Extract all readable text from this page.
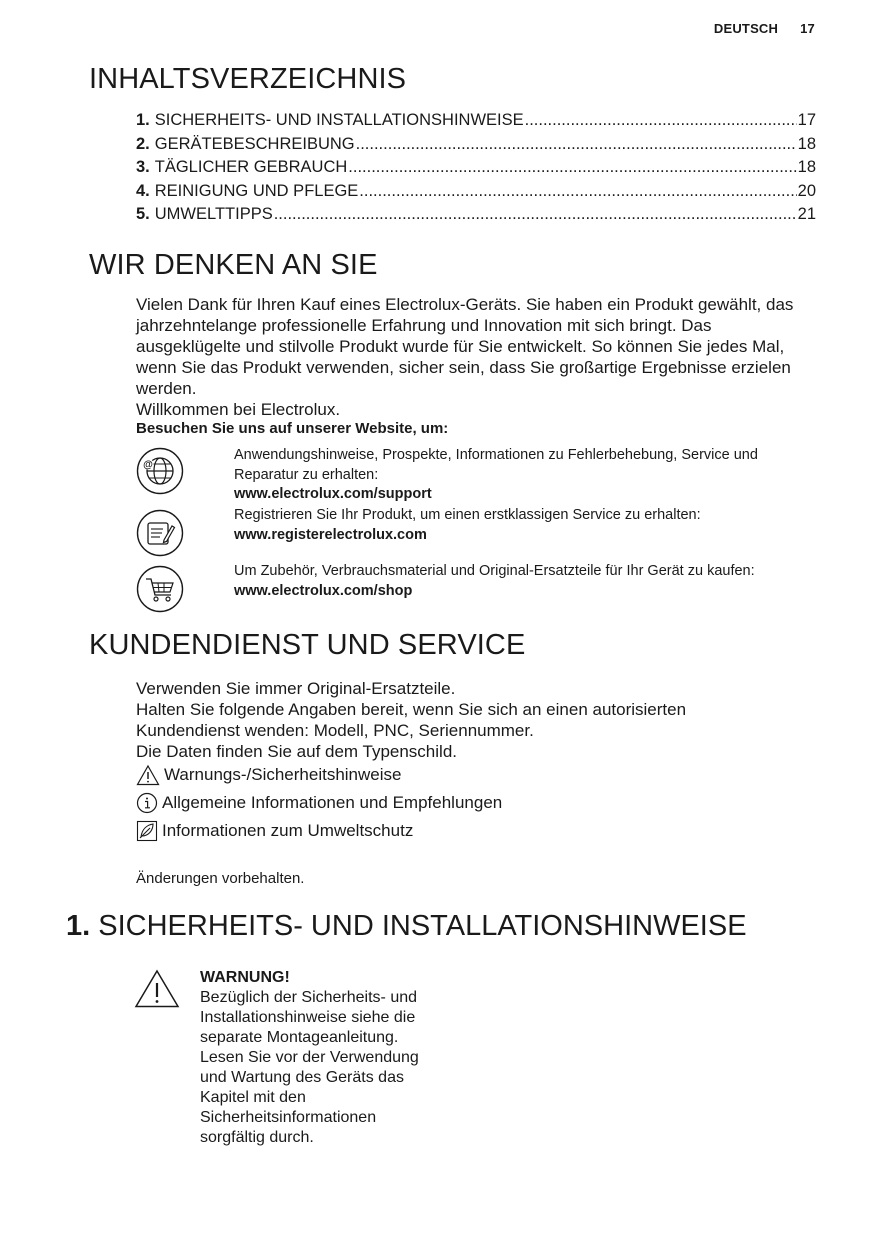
DEUTSCH 17
INHALTSVERZEICHNIS
1. SICHERHEITS- UND INSTALLATIONSHINWEISE .....	17
2. GERÄTEBESCHREIBUNG .....	18
3. TÄGLICHER GEBRAUCH .....	18
4. REINIGUNG UND PFLEGE .....	20
5. UMWELTTIPPS .....	21
WIR DENKEN AN SIE

Vielen Dank für Ihren Kauf eines Electrolux-Geräts. Sie haben ein Produkt gewählt, das jahrzehntelange professionelle Erfahrung und Innovation mit sich bringt. Das ausgeklügelte und stilvolle Produkt wurde für Sie entwickelt. So können Sie jedes Mal, wenn Sie das Produkt verwenden, sicher sein, dass Sie großartige Ergebnisse erzielen werden.

Willkommen bei Electrolux.

Besuchen Sie uns auf unserer Website, um:
@
Anwendungshinweise, Prospekte, Informationen zu Fehlerbehebung, Service und Reparatur zu erhalten:
www.electrolux.com/support
Registrieren Sie Ihr Produkt, um einen erstklassigen Service zu erhalten:
www.registerelectrolux.com
Um Zubehör, Verbrauchsmaterial und Original-Ersatzteile für Ihr Gerät zu kaufen:
www.electrolux.com/shop
KUNDENDIENST UND SERVICE

Verwenden Sie immer Original-Ersatzteile.

Halten Sie folgende Angaben bereit, wenn Sie sich an einen autorisierten Kundendienst wenden: Modell, PNC, Seriennummer.

Die Daten finden Sie auf dem Typenschild.

Warnungs-/Sicherheitshinweise
Allgemeine Informationen und Empfehlungen
Informationen zum Umweltschutz
Änderungen vorbehalten.
1. SICHERHEITS- UND INSTALLATIONSHINWEISE
WARNUNG!
Bezüglich der Sicherheits- und Installationshinweise siehe die separate Montageanleitung. Lesen Sie vor der Verwendung und Wartung des Geräts das Kapitel mit den Sicherheitsinformationen sorgfältig durch.
